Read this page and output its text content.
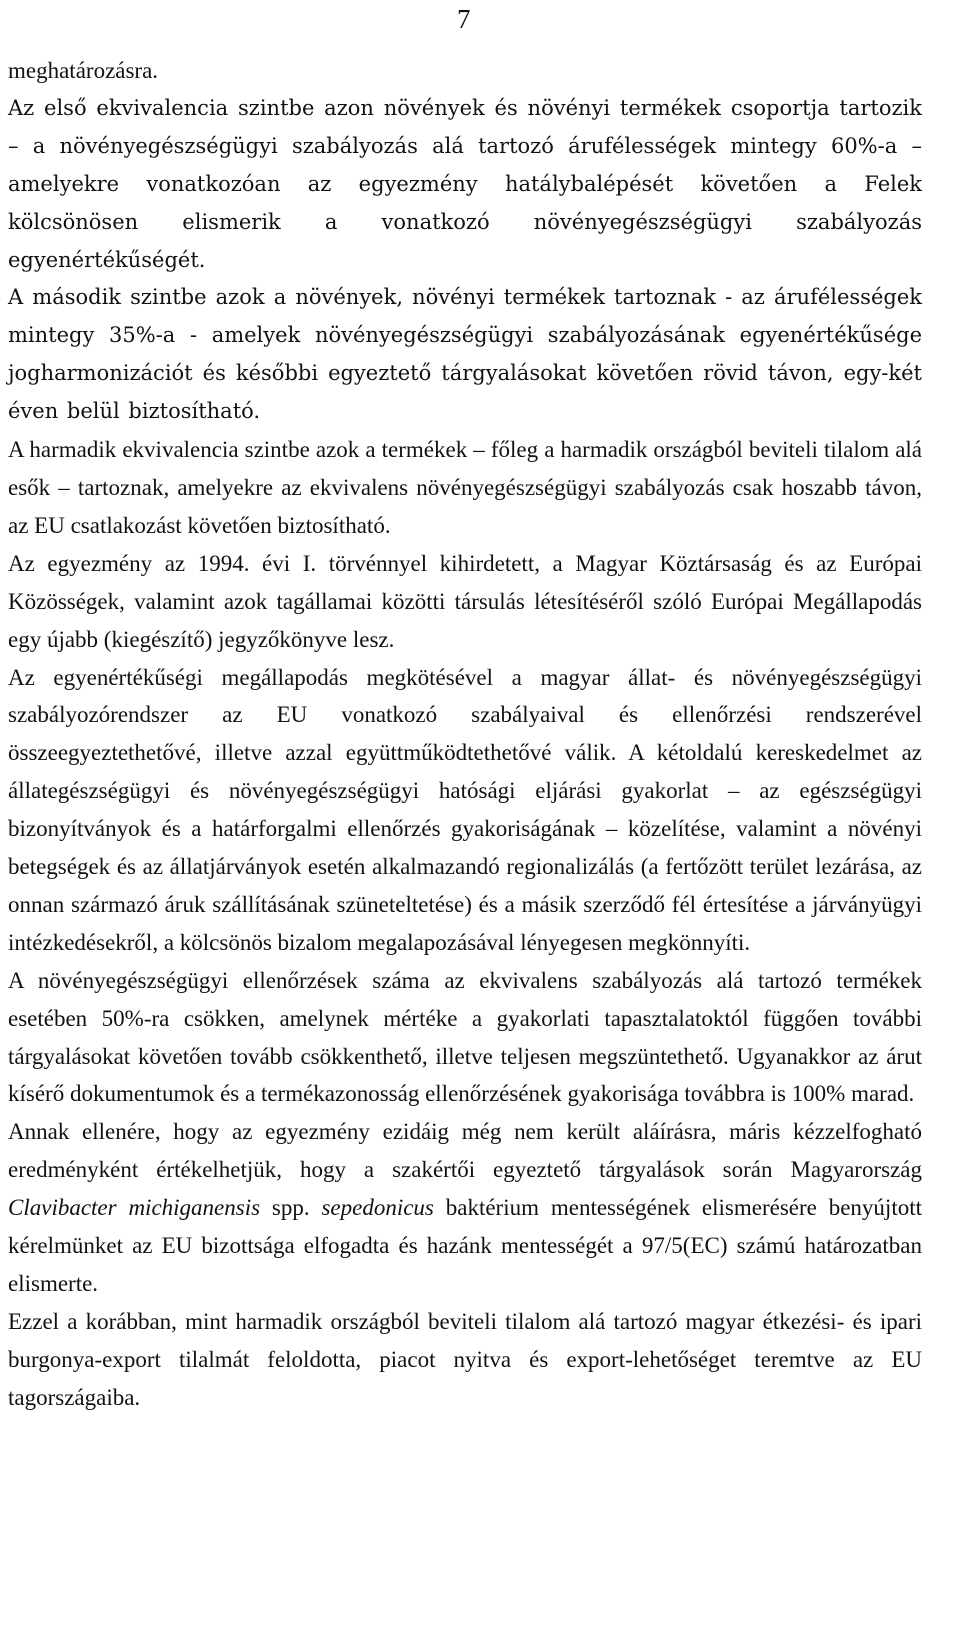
7

meghatározásra.

Az első ekvivalencia szintbe azon növények és növényi termékek csoportja tartozik – a növényegészségügyi szabályozás alá tartozó árufélességek mintegy 60%-a – amelyekre vonatkozóan az egyezmény hatálybalépését követően a Felek kölcsönösen elismerik a vonatkozó növényegészségügyi szabályozás egyenértékűségét.

A második szintbe azok a növények, növényi termékek tartoznak - az árufélességek mintegy 35%-a - amelyek növényegészségügyi szabályozásának egyenértékűsége jogharmonizációt és későbbi egyeztető tárgyalásokat követően rövid távon, egy-két éven belül biztosítható.

A harmadik ekvivalencia szintbe azok a termékek – főleg a harmadik országból beviteli tilalom alá esők – tartoznak, amelyekre az ekvivalens növényegészségügyi szabályozás csak hoszabb távon, az EU csatlakozást követően biztosítható.

Az egyezmény az 1994. évi I. törvénnyel kihirdetett, a Magyar Köztársaság és az Európai Közösségek, valamint azok tagállamai közötti társulás létesítéséről szóló Európai Megállapodás egy újabb (kiegészítő) jegyzőkönyve lesz.

Az egyenértékűségi megállapodás megkötésével a magyar állat- és növényegészségügyi szabályozórendszer az EU vonatkozó szabályaival és ellenőrzési rendszerével összeegyeztethetővé, illetve azzal együttműködtethetővé válik. A kétoldalú kereskedelmet az állategészségügyi és növényegészségügyi hatósági eljárási gyakorlat – az egészségügyi bizonyítványok és a határforgalmi ellenőrzés gyakoriságának – közelítése, valamint a növényi betegségek és az állatjárványok esetén alkalmazandó regionalizálás (a fertőzött terület lezárása, az onnan származó áruk szállításának szüneteltetése) és a másik szerződő fél értesítése a járványügyi intézkedésekről, a kölcsönös bizalom megalapozásával lényegesen megkönnyíti.

A növényegészségügyi ellenőrzések száma az ekvivalens szabályozás alá tartozó termékek esetében 50%-ra csökken, amelynek mértéke a gyakorlati tapasztalatoktól függően további tárgyalásokat követően tovább csökkenthető, illetve teljesen megszüntethető. Ugyanakkor az árut kísérő dokumentumok és a termékazonosság ellenőrzésének gyakorisága továbbra is 100% marad.

Annak ellenére, hogy az egyezmény ezidáig még nem került aláírásra, máris kézzelfogható eredményként értékelhetjük, hogy a szakértői egyeztető tárgyalások során Magyarország Clavibacter michiganensis spp. sepedonicus baktérium mentességének elismerésére benyújtott kérelmünket az EU bizottsága elfogadta és hazánk mentességét a 97/5(EC) számú határozatban elismerte.

Ezzel a korábban, mint harmadik országból beviteli tilalom alá tartozó magyar étkezési- és ipari burgonya-export tilalmát feloldotta, piacot nyitva és export-lehetőséget teremtve az EU tagországaiba.
